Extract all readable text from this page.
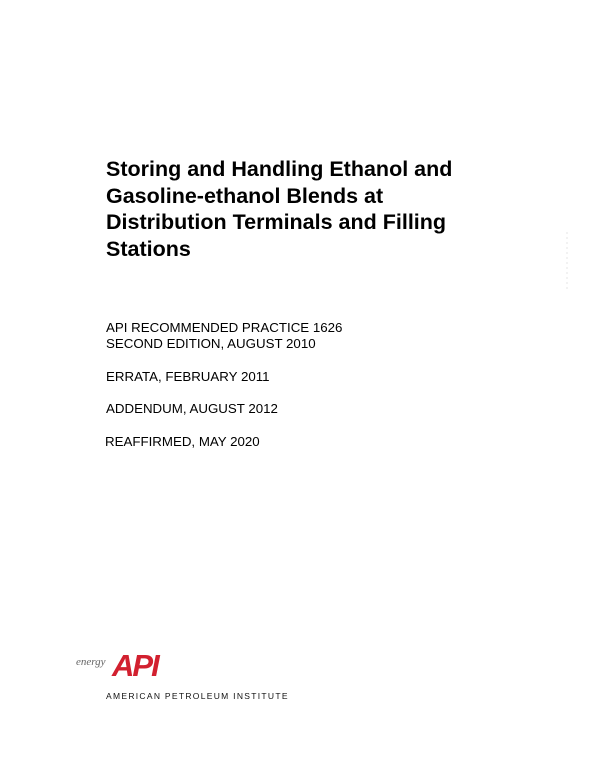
Storing and Handling Ethanol and
Gasoline-ethanol Blends at
Distribution Terminals and Filling
Stations
API RECOMMENDED PRACTICE 1626
SECOND EDITION, AUGUST 2010
ERRATA, FEBRUARY 2011
ADDENDUM, AUGUST 2012
REAFFIRMED, MAY 2020
energy API
AMERICAN PETROLEUM INSTITUTE
